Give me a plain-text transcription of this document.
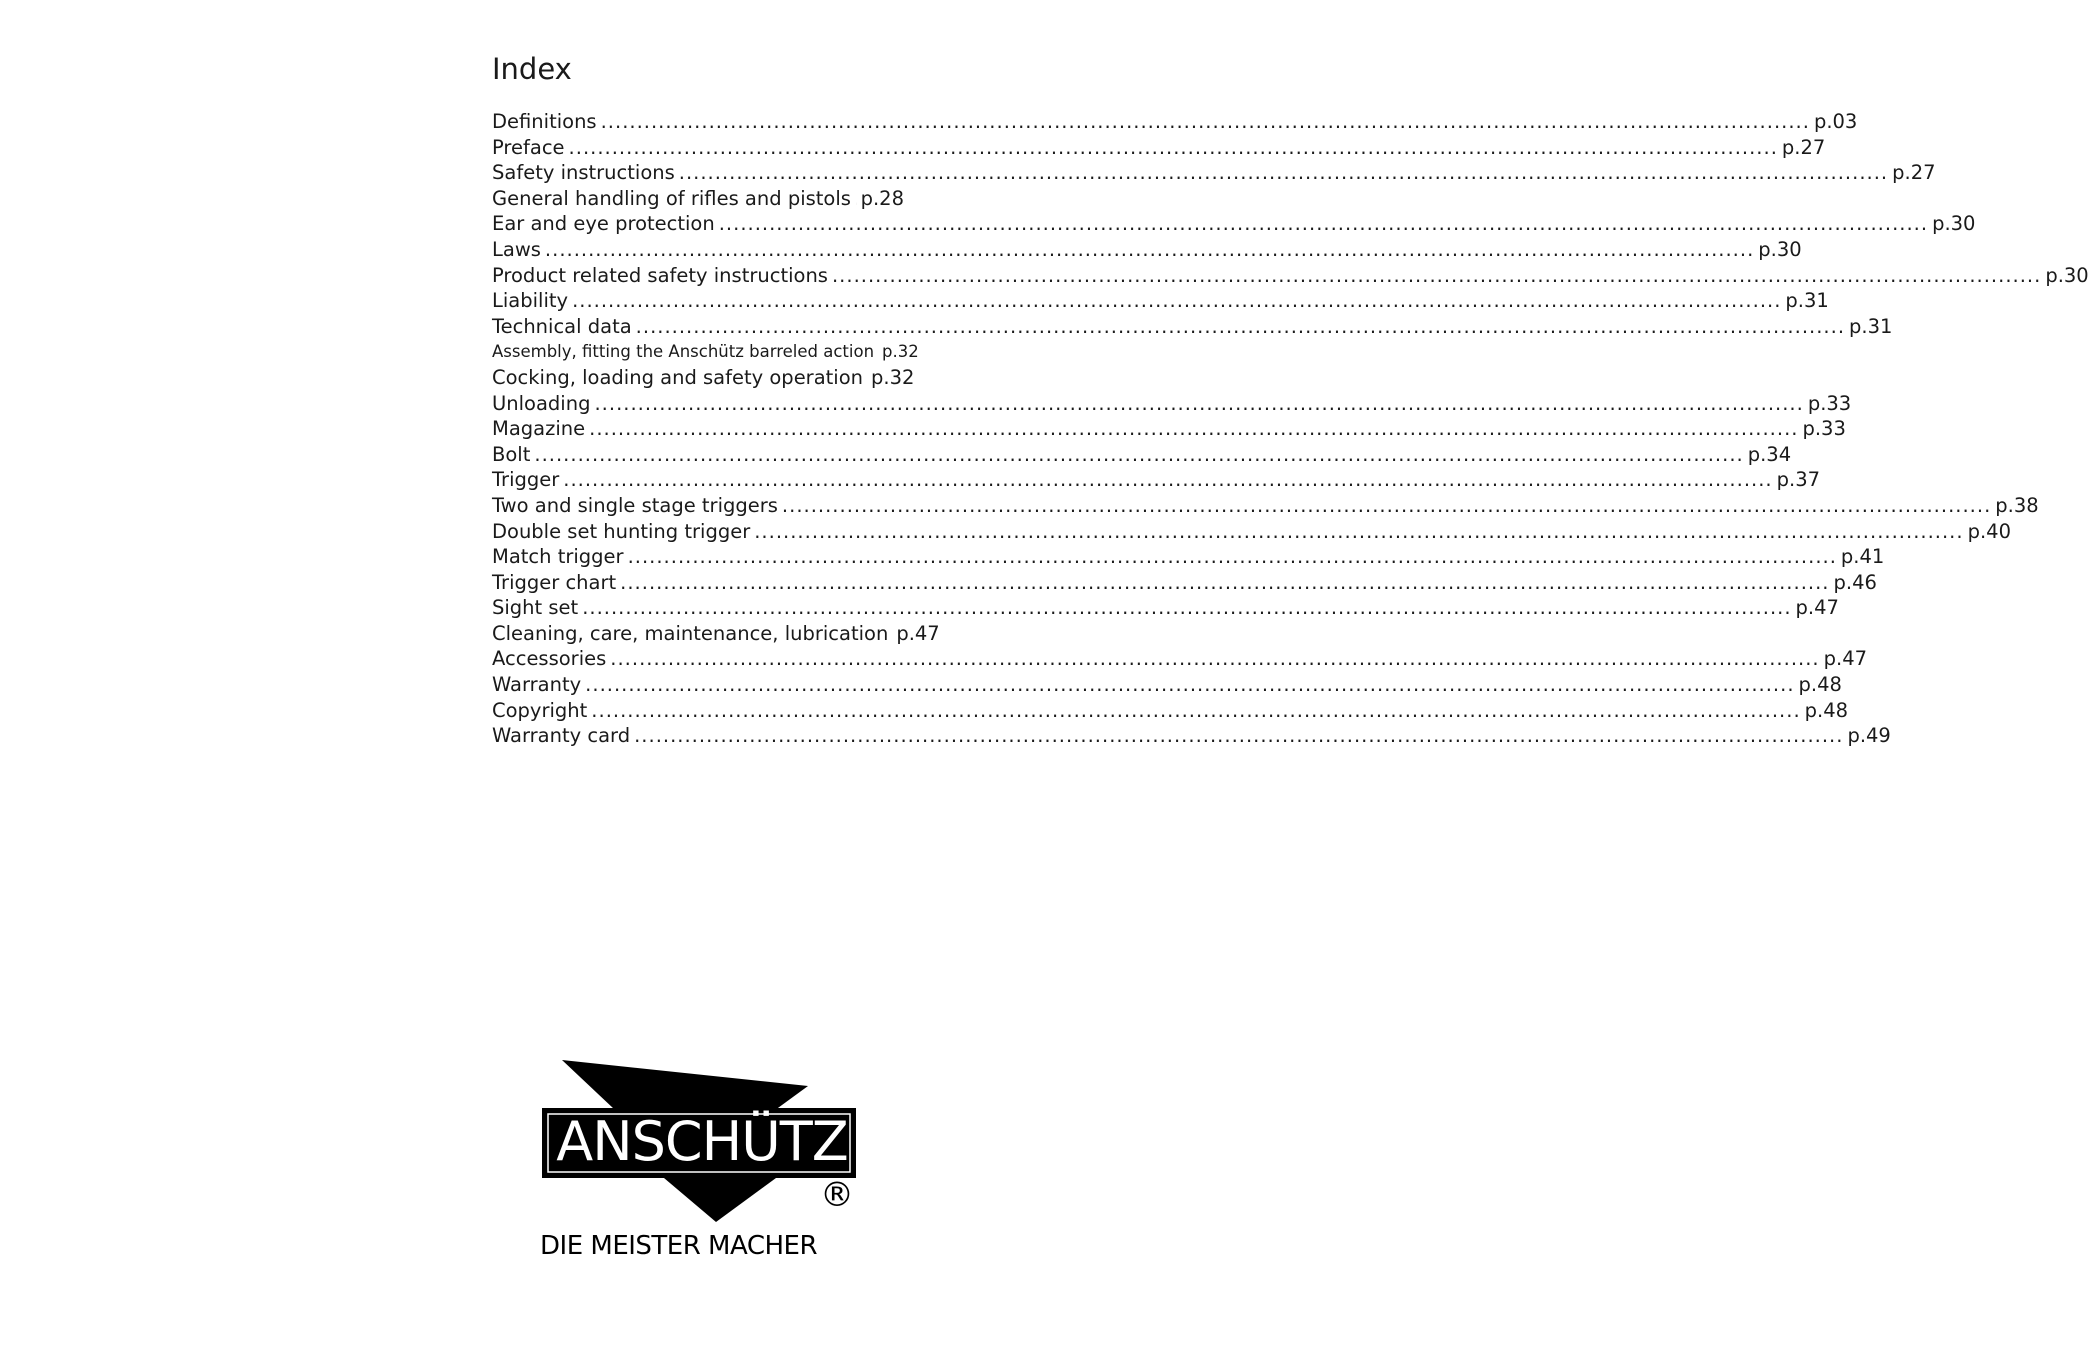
Index
Definitions .....	p.03
Preface .....	p.27
Safety instructions .....	p.27
General handling of rifles and pistols ..... p.28
Ear and eye protection .....	p.30
Laws .....	p.30
Product related safety instructions .....	p.30
Liability .....	p.31
Technical data .....	p.31
Assembly, fitting the Anschütz barreled action p.32
Cocking, loading and safety operation p.32
Unloading .....	p.33
Magazine .....	p.33
Bolt .....	p.34
Trigger .....	p.37
Two and single stage triggers .....	p.38
Double set hunting trigger .....	p.40
Match trigger .....	p.41
Trigger chart .....	p.46
Sight set .....	p.47
Cleaning, care, maintenance, lubrication p.47
Accessories .....	p.47
Warranty .....	p.48
Copyright .....	p.48
Warranty card .....	p.49
ANSCHÜTZ
®
DIE MEISTER MACHER
